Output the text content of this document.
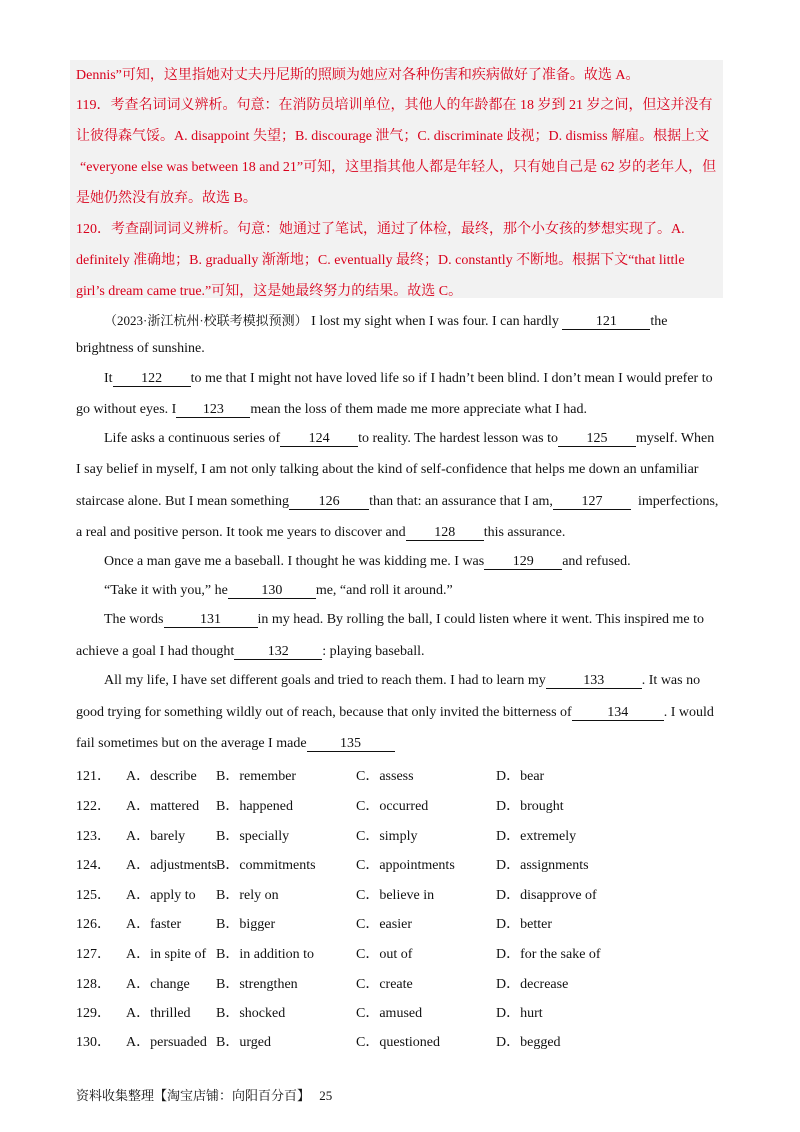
Dennis”可知，这里指她对丈夫丹尼斯的照顾为她应对各种伤害和疾病做好了准备。故选 A。
119．考查名词词义辨析。句意：在消防员培训单位，其他人的年龄都在 18 岁到 21 岁之间，但这并没有
让彼得森气馁。A. disappoint 失望；B. discourage 泄气；C. discriminate 歧视；D. dismiss 解雇。根据上文
“everyone else was between 18 and 21”可知，这里指其他人都是年轻人，只有她自己是 62 岁的老年人，但
是她仍然没有放弃。故选 B。
120．考查副词词义辨析。句意：她通过了笔试，通过了体检，最终，那个小女孩的梦想实现了。A.
definitely 准确地；B. gradually 渐渐地；C. eventually 最终；D. constantly 不断地。根据下文“that little
girl’s dream came true.”可知，这是她最终努力的结果。故选 C。
（2023·浙江杭州·校联考模拟预测） I lost my sight when I was four. I can hardly	121 the
brightness of sunshine.
It 122 to me that I might not have loved life so if I hadn’t been blind. I don’t mean I would prefer to
go without eyes. I 123 mean the loss of them made me more appreciate what I had.
Life asks a continuous series of 124 to reality. The hardest lesson was to 125 myself. When
I say belief in myself, I am not only talking about the kind of self-confidence that helps me down an unfamiliar
staircase alone. But I mean something 126 than that: an assurance that I am, 127	imperfections,
a real and positive person. It took me years to discover and 128 this assurance.
Once a man gave me a baseball. I thought he was kidding me. I was 129 and refused.
“Take it with you,” he 130 me, “and roll it around.”
The words	131	in my head. By rolling the ball, I could listen where it went. This inspired me to
achieve a goal I had thought 132 : playing baseball.
All my life, I have set different goals and tried to reach them. I had to learn my	133	. It was no
good trying for something wildly out of reach, because that only invited the bitterness of	134	. I would
fail sometimes but on the average I made 135
121． A．describe B．remember	C．assess	D．bear
122． A．mattered B．happened	C．occurred	D．brought
123． A．barely B．specially	C．simply	D．extremely
124． A．adjustments B．commitments	C．appointments	D．assignments
125． A．apply to B．rely on	C．believe in	D．disapprove of
126． A．faster B．bigger	C．easier	D．better
127． A．in spite of B．in addition to	C．out of	D．for the sake of
128． A．change B．strengthen	C．create	D．decrease
129． A．thrilled B．shocked	C．amused	D．hurt
130． A．persuaded B．urged	C．questioned	D．begged
资料收集整理【淘宝店铺：向阳百分百】 25
